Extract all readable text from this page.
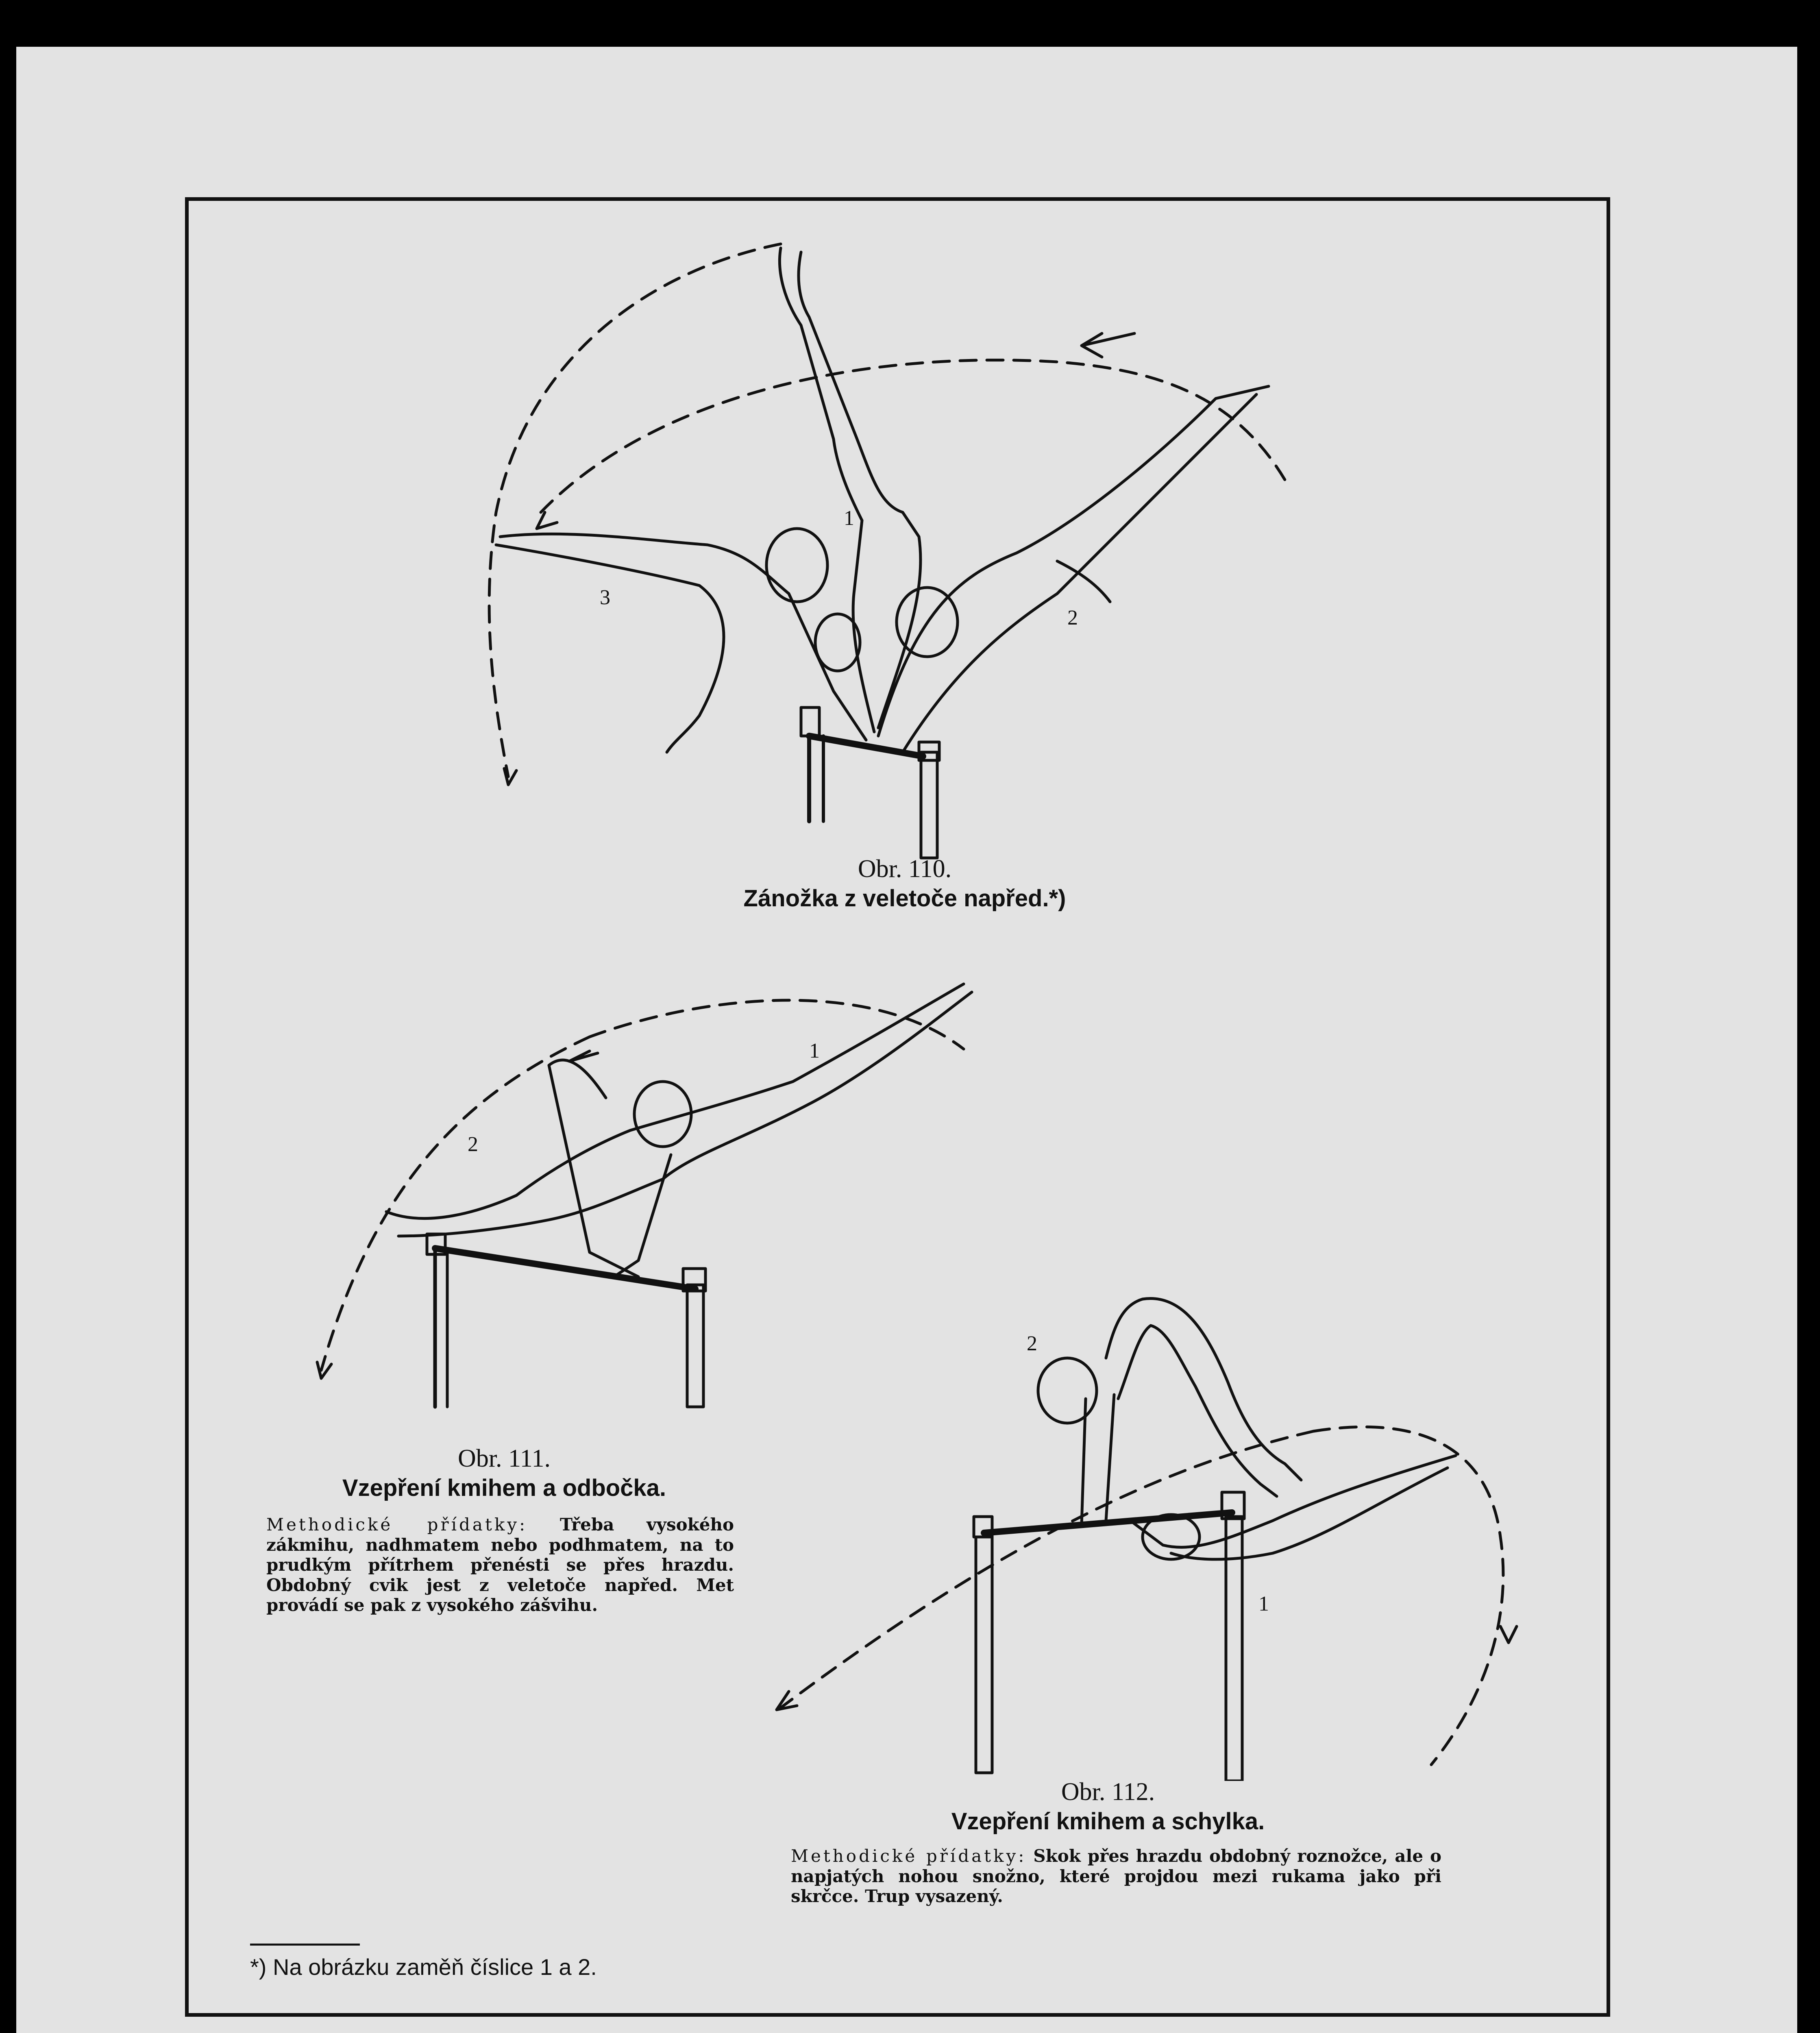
1
2
3
Obr. 110.
Zánožka z veletoče napřed.*)
1
2
Obr. 111.
Vzepření kmihem a odbočka.
Methodické přídatky: Třeba vysokého zákmihu, nadhmatem nebo podhmatem, na to prudkým přítrhem přenésti se přes hrazdu. Obdobný cvik jest z veletoče napřed. Met provádí se pak z vysokého zášvihu.
2
1
Obr. 112.
Vzepření kmihem a schylka.
Methodické přídatky: Skok přes hrazdu obdobný roznožce, ale o napjatých nohou snožno, které projdou mezi rukama jako při skrčce. Trup vysazený.
*) Na obrázku zaměň číslice 1 a 2.
